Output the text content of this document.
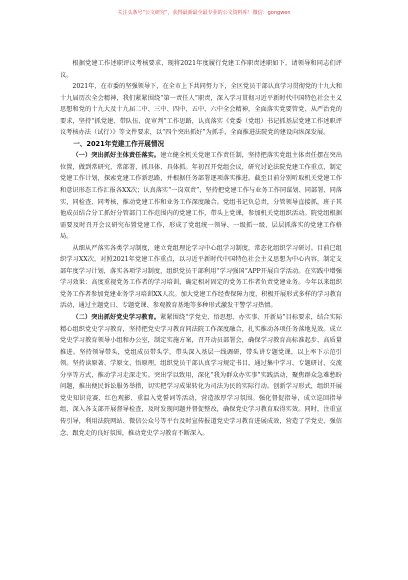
关注头条号“公文研究”，获得最新最全最专业的公文资料库！微信：gongwen

根据党建工作述职评议考核要求，现将2021年度履行党建工作职责述职如下，请领导和同志们评议。

2021年，在市委的坚强领导下，在全市上下共同努力下，全区党员干部认真学习贯彻党的十九大和十九届历次全会精神，我们紧紧围绕“第一责任人”职责，深入学习贯彻习近平新时代中国特色社会主义思想和党的十九大及十九届二中、三中、四中、五中、六中全会精神，全面落实党要管党、从严治党的要求，坚持“抓党建、带队伍、促审判”工作思路，认真落实《党委（党组）书记抓基层党建工作述职评议考核办法（试行）》等文件要求，以“四个突出抓好”为抓手，全面推进法院党的建设向纵深发展。

一、2021年党建工作开展情况

（一）突出抓好主体责任落实。建立健全机关党建工作责任制，坚持把落实党组主体责任摆在突出位置，做到常研究、常部署，抓具体、具体抓。年初召开党组会议，研究讨论法院党建工作重点，制定党建工作计划，探索党建工作新思路，并根据任务部署逐项落实推进。截至目前分别听取机关党建工作和意识形态工作汇报各XX次；认真落实“一岗双责”，坚持把党建工作与业务工作同谋划、同部署、同落实，同检查、同考核，推动党建工作和业务工作深度融合。党组书记负总责，分管领导直接抓，班子其他成员结合分工抓好分管部门工作范围内的党建工作，带头上党课，参加机关党组织活动。院党组根据需要及时召开会议研究布置党建工作，形成了党组统一领导、一级抓一级、层层抓落实的党建工作格局。

从细从严落实各类学习制度，建立党组理论学习中心组学习制度，常态化组织学习研讨。目前已组织学习XX次，对照2021年党建工作重点，以习近平新时代中国特色社会主义思想为中心内容，制定支部年度学习计划，落实各项学习制度，组织党员干部利用“学习强国”APP开展自学活动。在实践中增强学习效果：高度重视党务工作者的学习培训，确定相对固定的党务工作者负责党建业务。今年以来组织党务工作者参加党建业务学习培训XX人次。加大党建工作经费保障力度，积极开展形式多样的学习教育活动，通过主题党日、专题党课、参观教育基地等多种形式激发干警学习热情。

（二）突出抓好党史学习教育。紧紧围绕“学党史、悟思想、办实事、开新局”目标要求，结合实际精心组织党史学习教育，坚持把党史学习教育同法院工作深度融合，扎实推动各项任务落地见效。成立党史学习教育领导小组和办公室，制定实施方案，召开动员部署会，确保学习教育高标准起步、高质量推进。坚持领导带头，党组成员带头学，带头深入基层一线调研，带头讲专题党课，以上率下示范引领。坚持读原著、学原文、悟原理，组织党员干部认真学习规定书目，通过集中学习、专题研讨、交流分享等方式，推动学习走深走实。突出学以致用，深化“我为群众办实事”实践活动，聚焦群众急难愁盼问题，推出便民诉讼服务举措，切实把学习成果转化为司法为民的实际行动。创新学习形式，组织开展党史知识竞赛、红色观影、重温入党誓词等活动，营造浓厚学习氛围。强化督促指导，成立巡回指导组，深入各支部开展督导检查，及时发现问题并督促整改，确保党史学习教育取得实效。同时，注重宣传引导，利用法院网站、微信公众号等平台及时宣传报道党史学习教育进展成效，营造了学党史、强信念、跟党走的良好氛围，推动党史学习教育不断深入。
